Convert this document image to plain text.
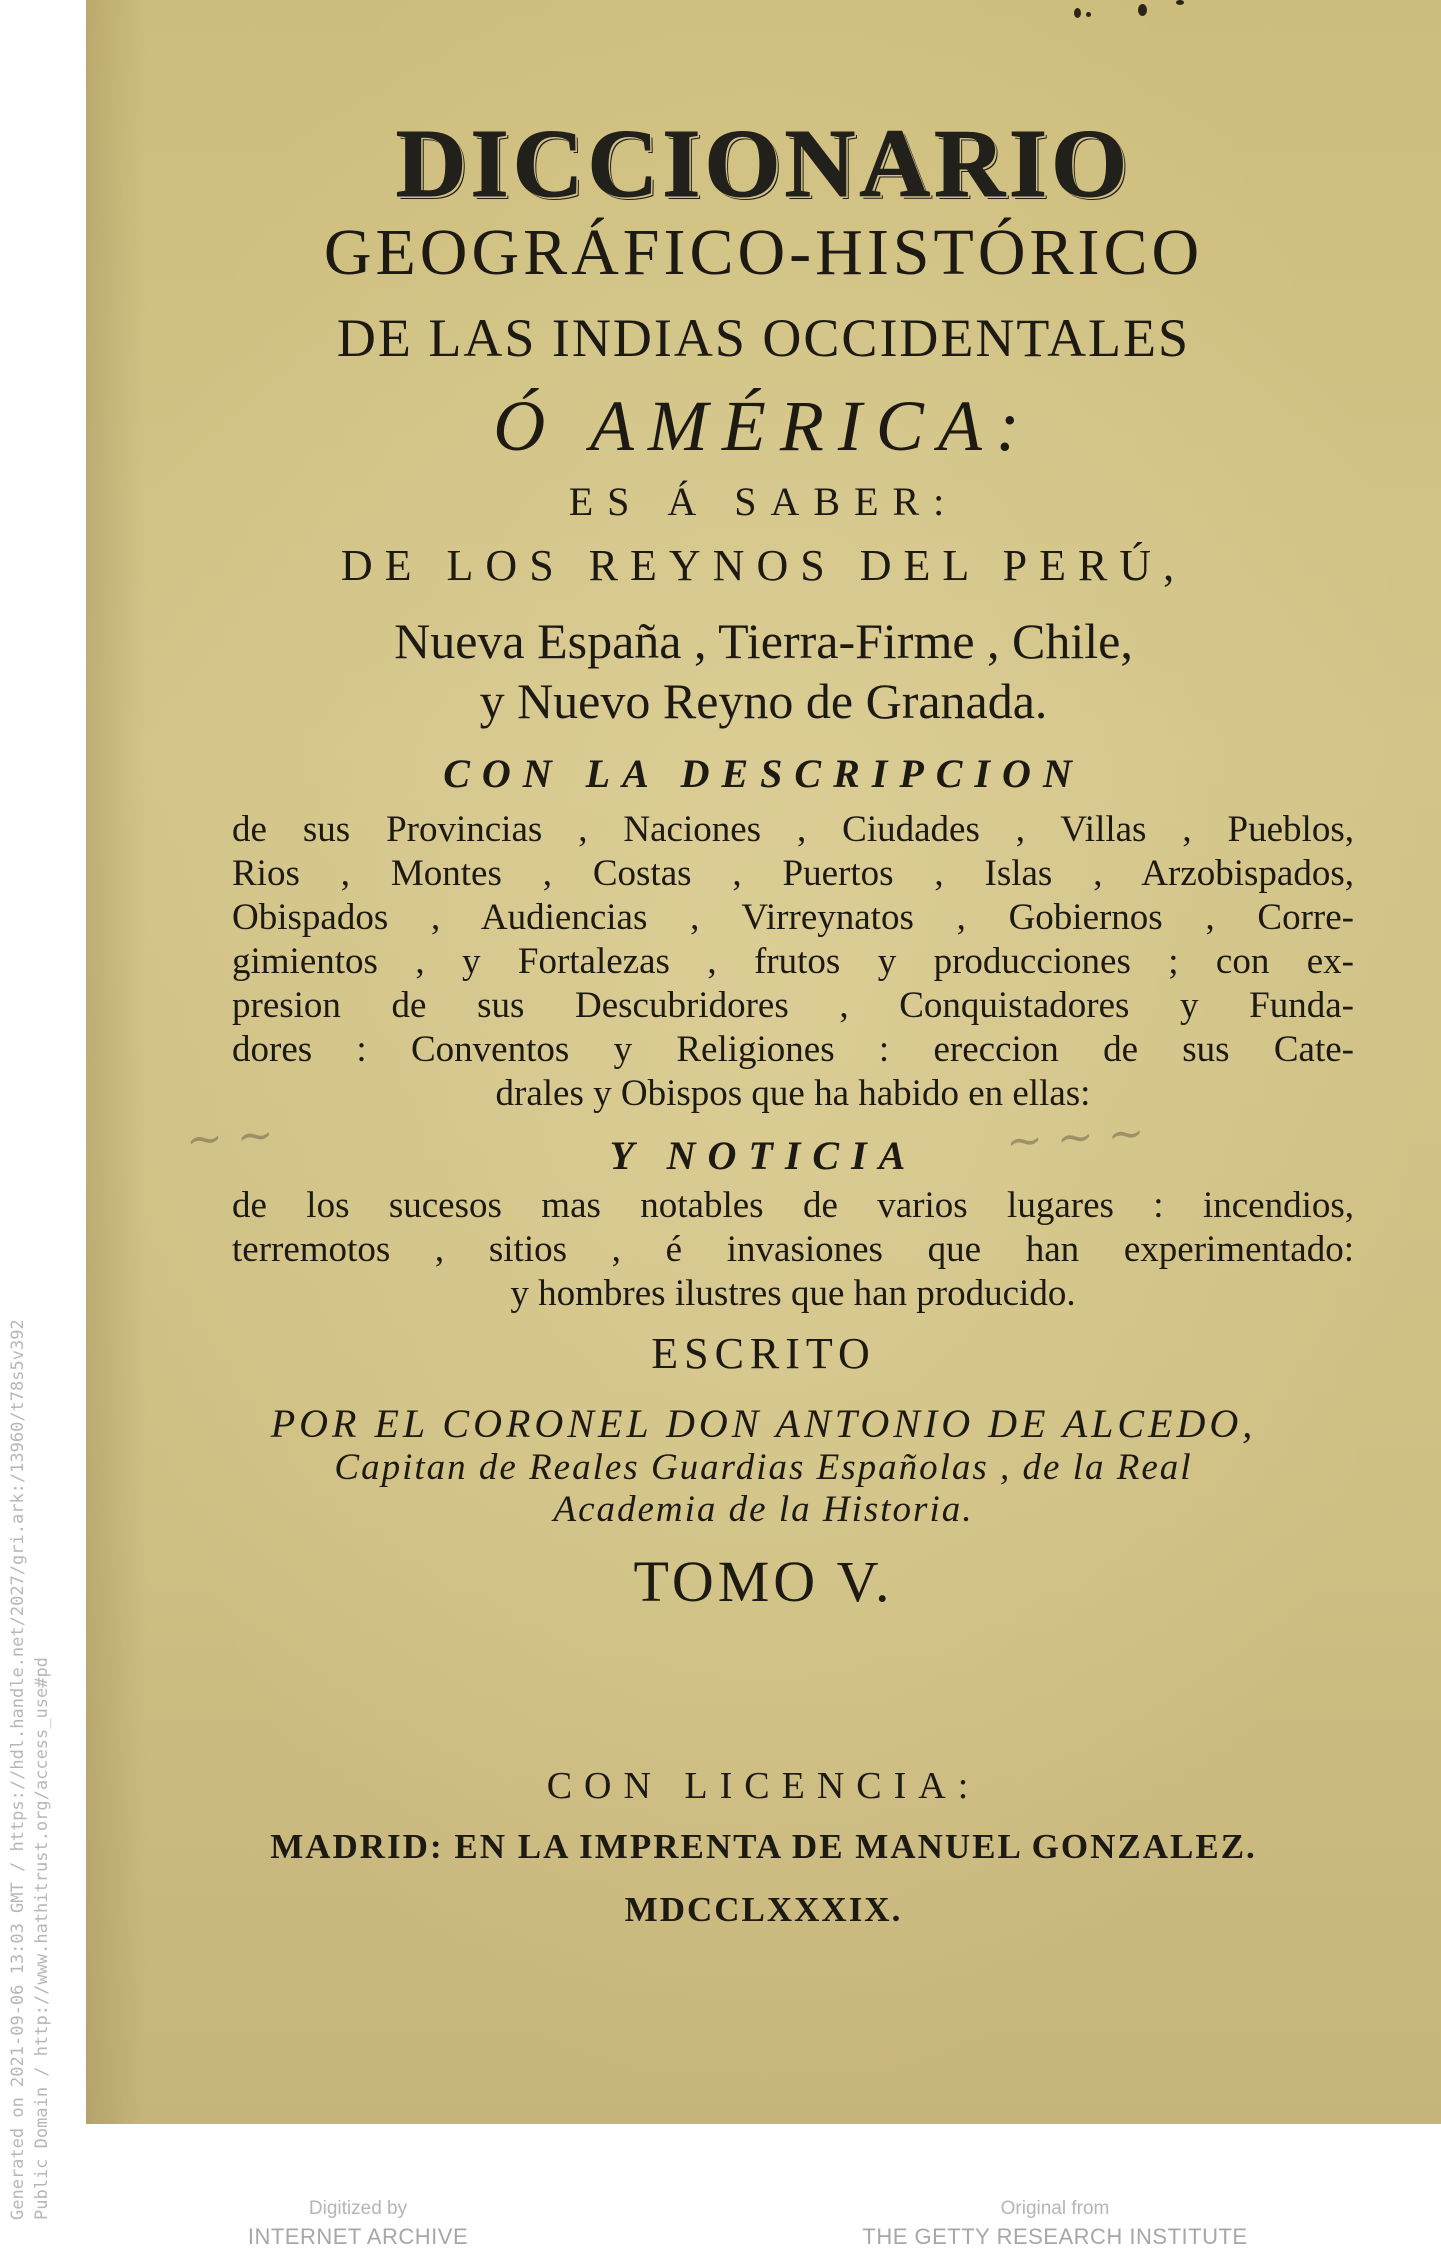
Generated on 2021-09-06 13:03 GMT / https://hdl.handle.net/2027/gri.ark:/13960/t78s5v392 Public Domain / http://www.hathitrust.org/access_use#pd
DICCIONARIO
GEOGRÁFICO-HISTÓRICO
DE LAS INDIAS OCCIDENTALES
Ó AMÉRICA:
ES Á SABER:
DE LOS REYNOS DEL PERÚ,
Nueva España , Tierra-Firme , Chile,
y Nuevo Reyno de Granada.
CON LA DESCRIPCION
de sus Provincias , Naciones , Ciudades , Villas , Pueblos,
Rios , Montes , Costas , Puertos , Islas , Arzobispados,
Obispados , Audiencias , Virreynatos , Gobiernos , Corre-
gimientos , y Fortalezas , frutos y producciones ; con ex-
presion de sus Descubridores , Conquistadores y Funda-
dores : Conventos y Religiones : ereccion de sus Cate-
drales y Obispos que ha habido en ellas:
~ ~	~ ~ ~
Y NOTICIA
de los sucesos mas notables de varios lugares : incendios,
terremotos , sitios , é invasiones que han experimentado:
y hombres ilustres que han producido.
ESCRITO
POR EL CORONEL DON ANTONIO DE ALCEDO,
Capitan de Reales Guardias Españolas , de la Real
Academia de la Historia.
TOMO V.
CON LICENCIA:
MADRID: EN LA IMPRENTA DE MANUEL GONZALEZ.
MDCCLXXXIX.
Digitized by
INTERNET ARCHIVE
Original from
THE GETTY RESEARCH INSTITUTE
